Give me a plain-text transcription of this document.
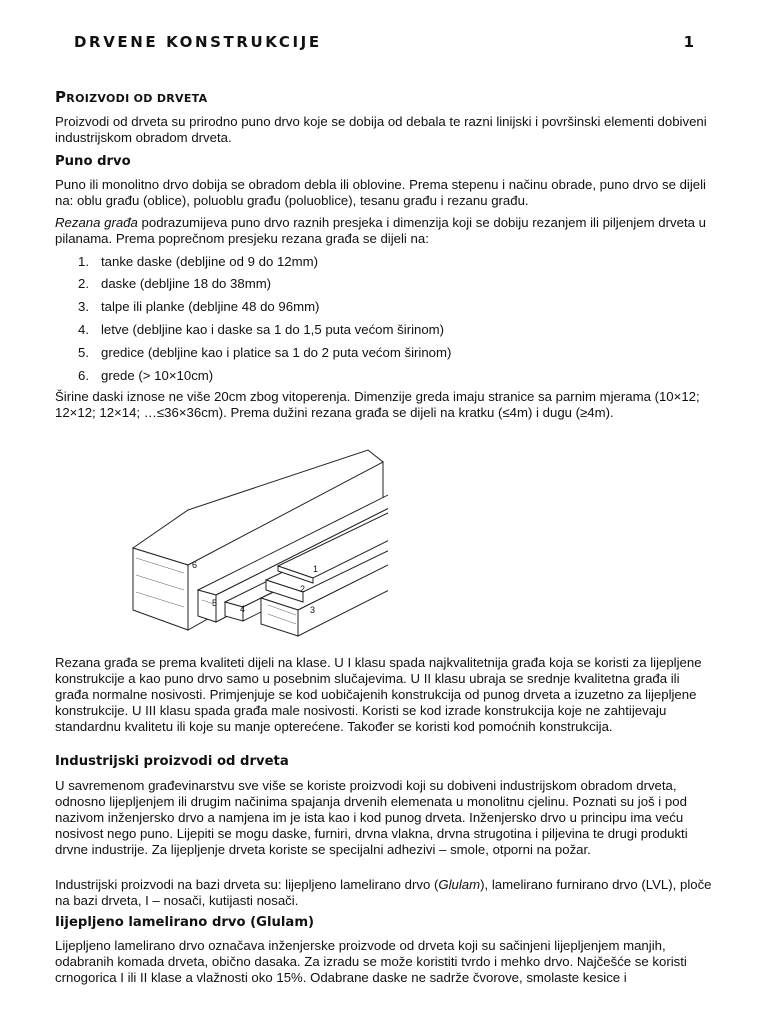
DRVENE KONSTRUKCIJE	1
PROIZVODI OD DRVETA
Proizvodi od drveta su prirodno puno drvo koje se dobija od debala te razni linijski i površinski elementi dobiveni industrijskom obradom drveta.
Puno drvo
Puno ili monolitno drvo dobija se obradom debla ili oblovine. Prema stepenu i načinu obrade, puno drvo se dijeli na: oblu građu (oblice), poluoblu građu (poluoblice), tesanu građu i rezanu građu.
Rezana građa podrazumijeva puno drvo raznih presjeka i dimenzija koji se dobiju rezanjem ili piljenjem drveta u pilanama. Prema poprečnom presjeku rezana građa se dijeli na:
1. tanke daske (debljine od 9 do 12mm)
2. daske (debljine 18 do 38mm)
3. talpe ili planke (debljine 48 do 96mm)
4. letve (debljine kao i daske sa 1 do 1,5 puta većom širinom)
5. gredice (debljine kao i platice sa 1 do 2 puta većom širinom)
6. grede (> 10×10cm)
Širine daski iznose ne više 20cm zbog vitoperenja. Dimenzije greda imaju stranice sa parnim mjerama (10×12; 12×12; 12×14; …≤36×36cm). Prema dužini rezana građa se dijeli na kratku (≤4m) i dugu (≥4m).
1
2
3
4
5
6
Rezana građa se prema kvaliteti dijeli na klase. U I klasu spada najkvalitetnija građa koja se koristi za lijepljene konstrukcije a kao puno drvo samo u posebnim slučajevima. U II klasu ubraja se srednje kvalitetna građa ili građa normalne nosivosti. Primjenjuje se kod uobičajenih konstrukcija od punog drveta a izuzetno za lijepljene konstrukcije. U III klasu spada građa male nosivosti. Koristi se kod izrade konstrukcija koje ne zahtijevaju standardnu kvalitetu ili koje su manje opterećene. Također se koristi kod pomoćnih konstrukcija.
Industrijski proizvodi od drveta
U savremenom građevinarstvu sve više se koriste proizvodi koji su dobiveni industrijskom obradom drveta, odnosno lijepljenjem ili drugim načinima spajanja drvenih elemenata u monolitnu cjelinu. Poznati su još i pod nazivom inženjersko drvo a namjena im je ista kao i kod punog drveta. Inženjersko drvo u principu ima veću nosivost nego puno. Lijepiti se mogu daske, furniri, drvna vlakna, drvna strugotina i piljevina te drugi produkti drvne industrije. Za lijepljenje drveta koriste se specijalni adhezivi – smole, otporni na požar.
Industrijski proizvodi na bazi drveta su: lijepljeno lamelirano drvo (Glulam), lamelirano furnirano drvo (LVL), ploče na bazi drveta, I – nosači, kutijasti nosači.
Iijepljeno lamelirano drvo (Glulam)
Lijepljeno lamelirano drvo označava inženjerske proizvode od drveta koji su sačinjeni lijepljenjem manjih, odabranih komada drveta, obično dasaka. Za izradu se može koristiti tvrdo i mehko drvo. Najčešće se koristi crnogorica I ili II klase a vlažnosti oko 15%. Odabrane daske ne sadrže čvorove, smolaste kesice i
